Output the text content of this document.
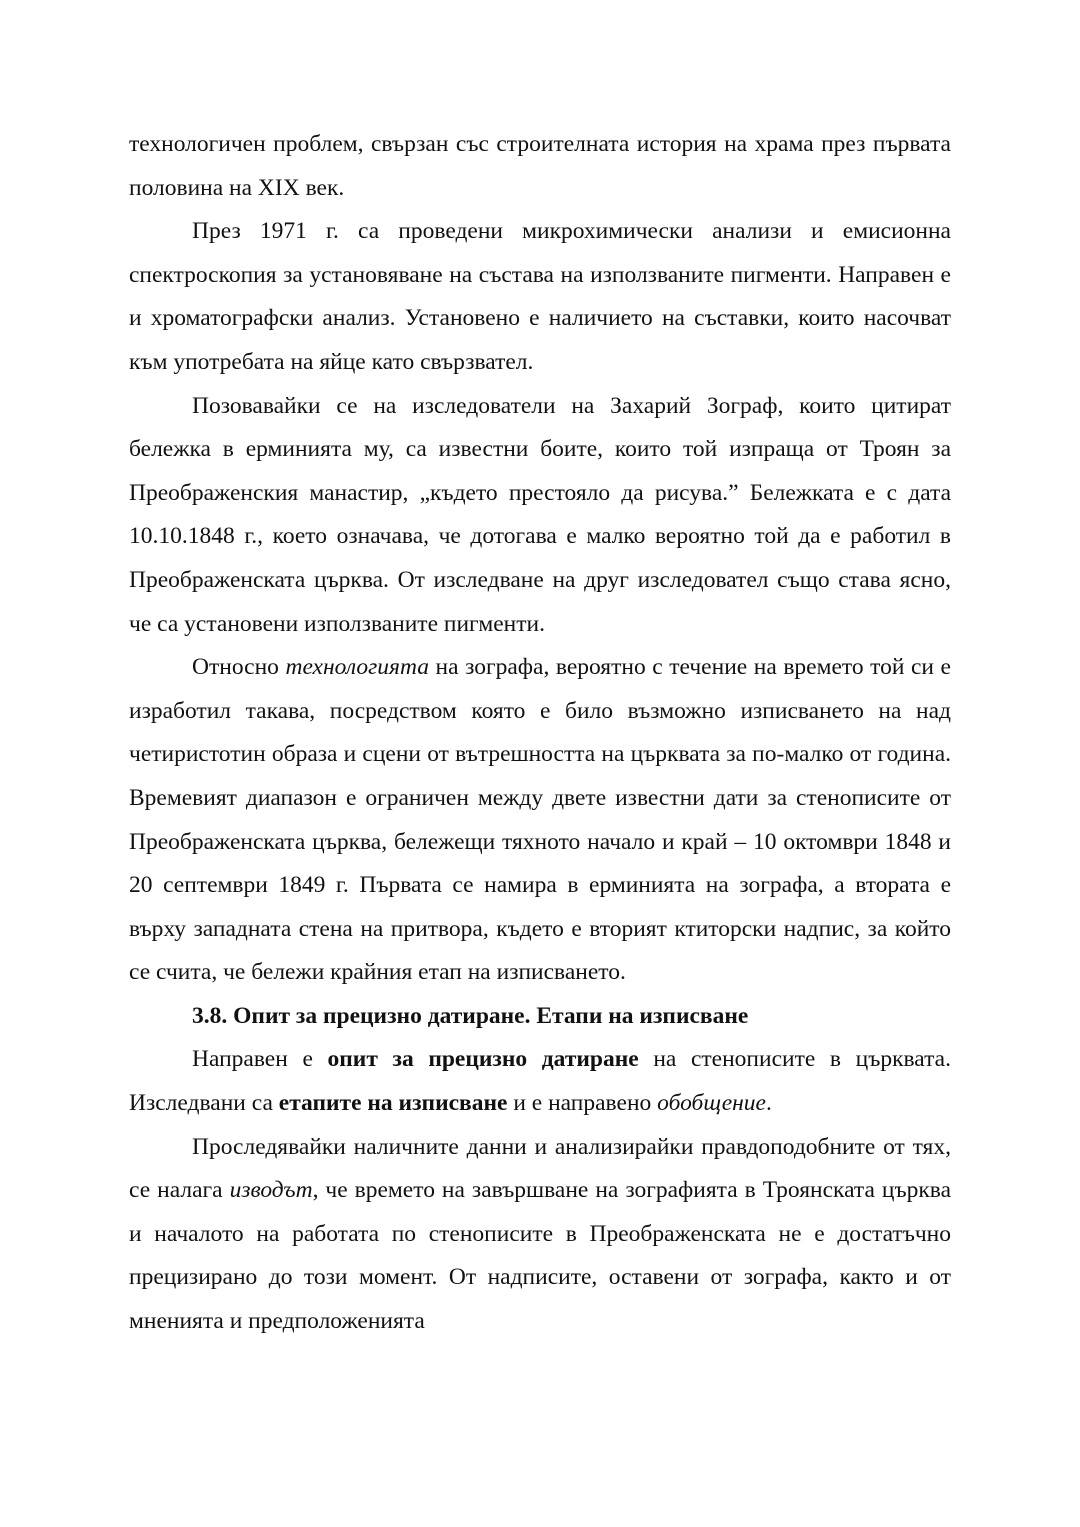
технологичен проблем, свързан със строителната история на храма през първата половина на XIX век.

През 1971 г. са проведени микрохимически анализи и емисионна спектроскопия за установяване на състава на използваните пигменти. Направен е и хроматографски анализ. Установено е наличието на съставки, които насочват към употребата на яйце като свързвател.

Позовавайки се на изследователи на Захарий Зограф, които цитират бележка в ерминията му, са известни боите, които той изпраща от Троян за Преображенския манастир, „където престояло да рисува.” Бележката е с дата 10.10.1848 г., което означава, че дотогава е малко вероятно той да е работил в Преображенската църква. От изследване на друг изследовател също става ясно, че са установени използваните пигменти.

Относно технологията на зографа, вероятно с течение на времето той си е изработил такава, посредством която е било възможно изписването на над четиристотин образа и сцени от вътрешността на църквата за по-малко от година. Времевият диапазон е ограничен между двете известни дати за стенописите от Преображенската църква, бележещи тяхното начало и край – 10 октомври 1848 и 20 септември 1849 г. Първата се намира в ерминията на зографа, а втората е върху западната стена на притвора, където е вторият ктиторски надпис, за който се счита, че бележи крайния етап на изписването.

3.8. Опит за прецизно датиране. Етапи на изписване

Направен е опит за прецизно датиране на стенописите в църквата. Изследвани са етапите на изписване и е направено обобщение.

Проследявайки наличните данни и анализирайки правдоподобните от тях, се налага изводът, че времето на завършване на зографията в Троянската църква и началото на работата по стенописите в Преображенската не е достатъчно прецизирано до този момент. От надписите, оставени от зографа, както и от мненията и предположенията
